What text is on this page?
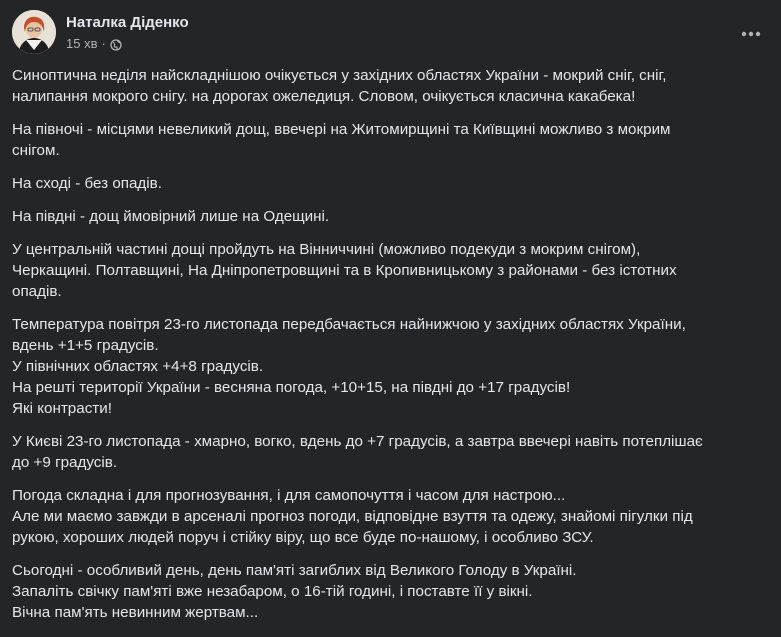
Наталка Діденко
15 хв ·

Синоптична неділя найскладнішою очікується у західних областях України - мокрий сніг, сніг,
налипання мокрого снігу. на дорогах ожеледиця. Словом, очікується класична какабека!

На півночі - місцями невеликий дощ, ввечері на Житомирщині та Київщині можливо з мокрим
снігом.

На сході - без опадів.

На півдні - дощ ймовірний лише на Одещині.

У центральній частині дощі пройдуть на Вінниччині (можливо подекуди з мокрим снігом),
Черкащині. Полтавщині, На Дніпропетровщині та в Кропивницькому з районами - без істотних
опадів.

Температура повітря 23-го листопада передбачається найнижчою у західних областях України,
вдень +1+5 градусів.
У північних областях +4+8 градусів.
На решті території України - весняна погода, +10+15, на півдні до +17 градусів!
Які контрасти!

У Києві 23-го листопада - хмарно, вогко, вдень до +7 градусів, а завтра ввечері навіть потеплішає
до +9 градусів.

Погода складна і для прогнозування, і для самопочуття і часом для настрою...
Але ми маємо завжди в арсеналі прогноз погоди, відповідне взуття та одежу, знайомі пігулки під
рукою, хороших людей поруч і стійку віру, що все буде по-нашому, і особливо ЗСУ.

Сьогодні - особливий день, день пам'яті загиблих від Великого Голоду в Україні.
Запаліть свічку пам'яті вже незабаром, о 16-тій годині, і поставте її у вікні.
Вічна пам'ять невинним жертвам...
